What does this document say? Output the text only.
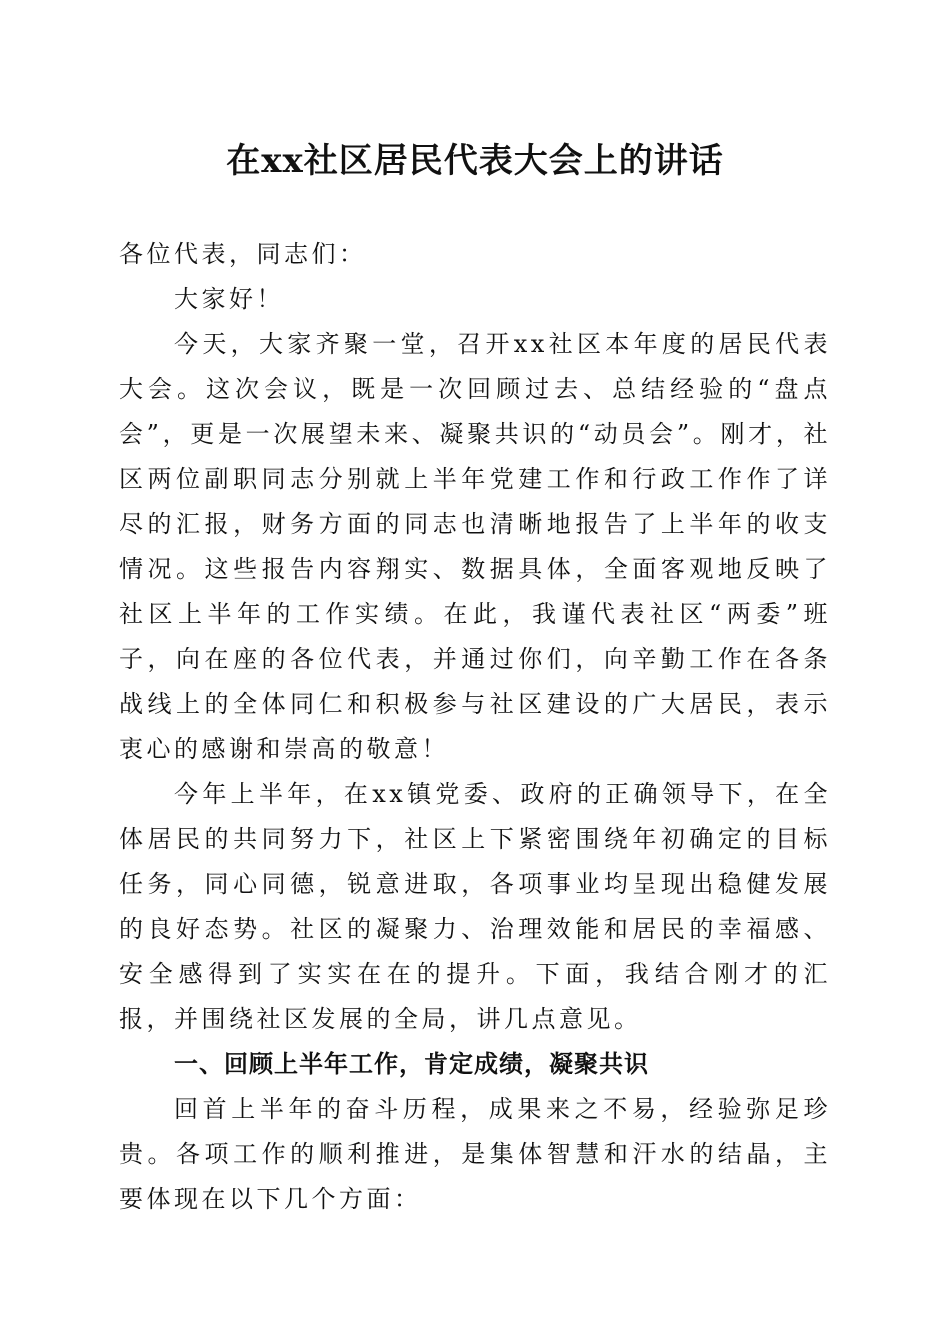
在xx社区居民代表大会上的讲话

各位代表，同志们：

大家好！

今天，大家齐聚一堂，召开xx社区本年度的居民代表大会。这次会议，既是一次回顾过去、总结经验的“盘点会”，更是一次展望未来、凝聚共识的“动员会”。刚才，社区两位副职同志分别就上半年党建工作和行政工作作了详尽的汇报，财务方面的同志也清晰地报告了上半年的收支情况。这些报告内容翔实、数据具体，全面客观地反映了社区上半年的工作实绩。在此，我谨代表社区“两委”班子，向在座的各位代表，并通过你们，向辛勤工作在各条战线上的全体同仁和积极参与社区建设的广大居民，表示衷心的感谢和崇高的敬意！

今年上半年，在xx镇党委、政府的正确领导下，在全体居民的共同努力下，社区上下紧密围绕年初确定的目标任务，同心同德，锐意进取，各项事业均呈现出稳健发展的良好态势。社区的凝聚力、治理效能和居民的幸福感、安全感得到了实实在在的提升。下面，我结合刚才的汇报，并围绕社区发展的全局，讲几点意见。

一、回顾上半年工作，肯定成绩，凝聚共识

回首上半年的奋斗历程，成果来之不易，经验弥足珍贵。各项工作的顺利推进，是集体智慧和汗水的结晶，主要体现在以下几个方面：
